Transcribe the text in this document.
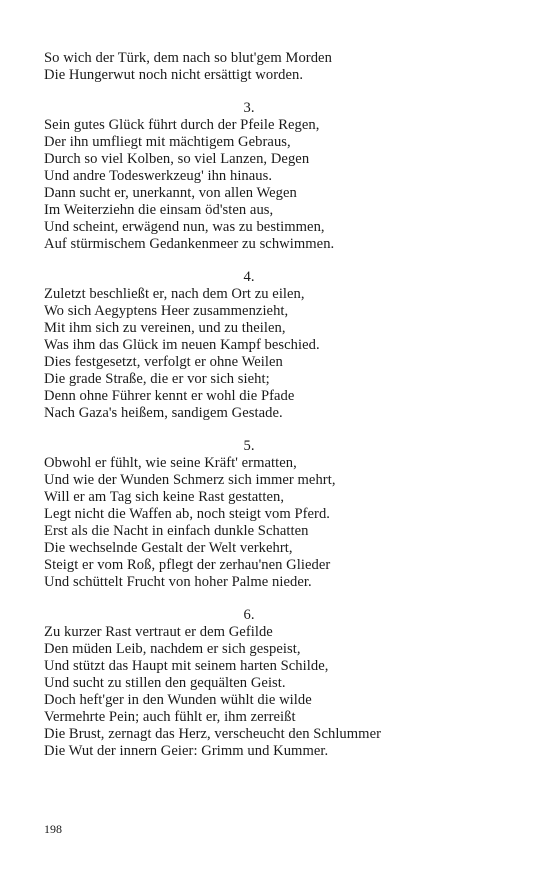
So wich der Türk, dem nach so blut'gem Morden
Die Hungerwut noch nicht ersättigt worden.
3.
Sein gutes Glück führt durch der Pfeile Regen,
Der ihn umfliegt mit mächtigem Gebraus,
Durch so viel Kolben, so viel Lanzen, Degen
Und andre Todeswerkzeug' ihn hinaus.
Dann sucht er, unerkannt, von allen Wegen
Im Weiterziehn die einsam öd'sten aus,
Und scheint, erwägend nun, was zu bestimmen,
Auf stürmischem Gedankenmeer zu schwimmen.
4.
Zuletzt beschließt er, nach dem Ort zu eilen,
Wo sich Aegyptens Heer zusammenzieht,
Mit ihm sich zu vereinen, und zu theilen,
Was ihm das Glück im neuen Kampf beschied.
Dies festgesetzt, verfolgt er ohne Weilen
Die grade Straße, die er vor sich sieht;
Denn ohne Führer kennt er wohl die Pfade
Nach Gaza's heißem, sandigem Gestade.
5.
Obwohl er fühlt, wie seine Kräft' ermatten,
Und wie der Wunden Schmerz sich immer mehrt,
Will er am Tag sich keine Rast gestatten,
Legt nicht die Waffen ab, noch steigt vom Pferd.
Erst als die Nacht in einfach dunkle Schatten
Die wechselnde Gestalt der Welt verkehrt,
Steigt er vom Roß, pflegt der zerhau'nen Glieder
Und schüttelt Frucht von hoher Palme nieder.
6.
Zu kurzer Rast vertraut er dem Gefilde
Den müden Leib, nachdem er sich gespeist,
Und stützt das Haupt mit seinem harten Schilde,
Und sucht zu stillen den gequälten Geist.
Doch heft'ger in den Wunden wühlt die wilde
Vermehrte Pein; auch fühlt er, ihm zerreißt
Die Brust, zernagt das Herz, verscheucht den Schlummer
Die Wut der innern Geier: Grimm und Kummer.
198
